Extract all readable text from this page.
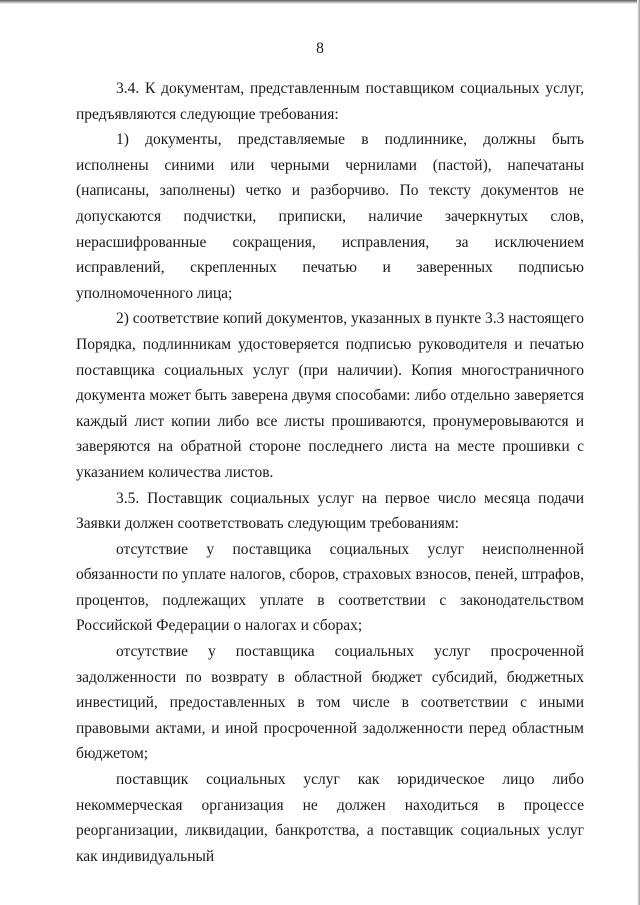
8

3.4. К документам, представленным поставщиком социальных услуг, предъявляются следующие требования:

1) документы, представляемые в подлиннике, должны быть исполнены синими или черными чернилами (пастой), напечатаны (написаны, заполнены) четко и разборчиво. По тексту документов не допускаются подчистки, приписки, наличие зачеркнутых слов, нерасшифрованные сокращения, исправления, за исключением исправлений, скрепленных печатью и заверенных подписью уполномоченного лица;

2) соответствие копий документов, указанных в пункте 3.3 настоящего Порядка, подлинникам удостоверяется подписью руководителя и печатью поставщика социальных услуг (при наличии). Копия многостраничного документа может быть заверена двумя способами: либо отдельно заверяется каждый лист копии либо все листы прошиваются, пронумеровываются и заверяются на обратной стороне последнего листа на месте прошивки с указанием количества листов.

3.5. Поставщик социальных услуг на первое число месяца подачи Заявки должен соответствовать следующим требованиям:

отсутствие у поставщика социальных услуг неисполненной обязанности по уплате налогов, сборов, страховых взносов, пеней, штрафов, процентов, подлежащих уплате в соответствии с законодательством Российской Федерации о налогах и сборах;

отсутствие у поставщика социальных услуг просроченной задолженности по возврату в областной бюджет субсидий, бюджетных инвестиций, предоставленных в том числе в соответствии с иными правовыми актами, и иной просроченной задолженности перед областным бюджетом;

поставщик социальных услуг как юридическое лицо либо некоммерческая организация не должен находиться в процессе реорганизации, ликвидации, банкротства, а поставщик социальных услуг как индивидуальный
